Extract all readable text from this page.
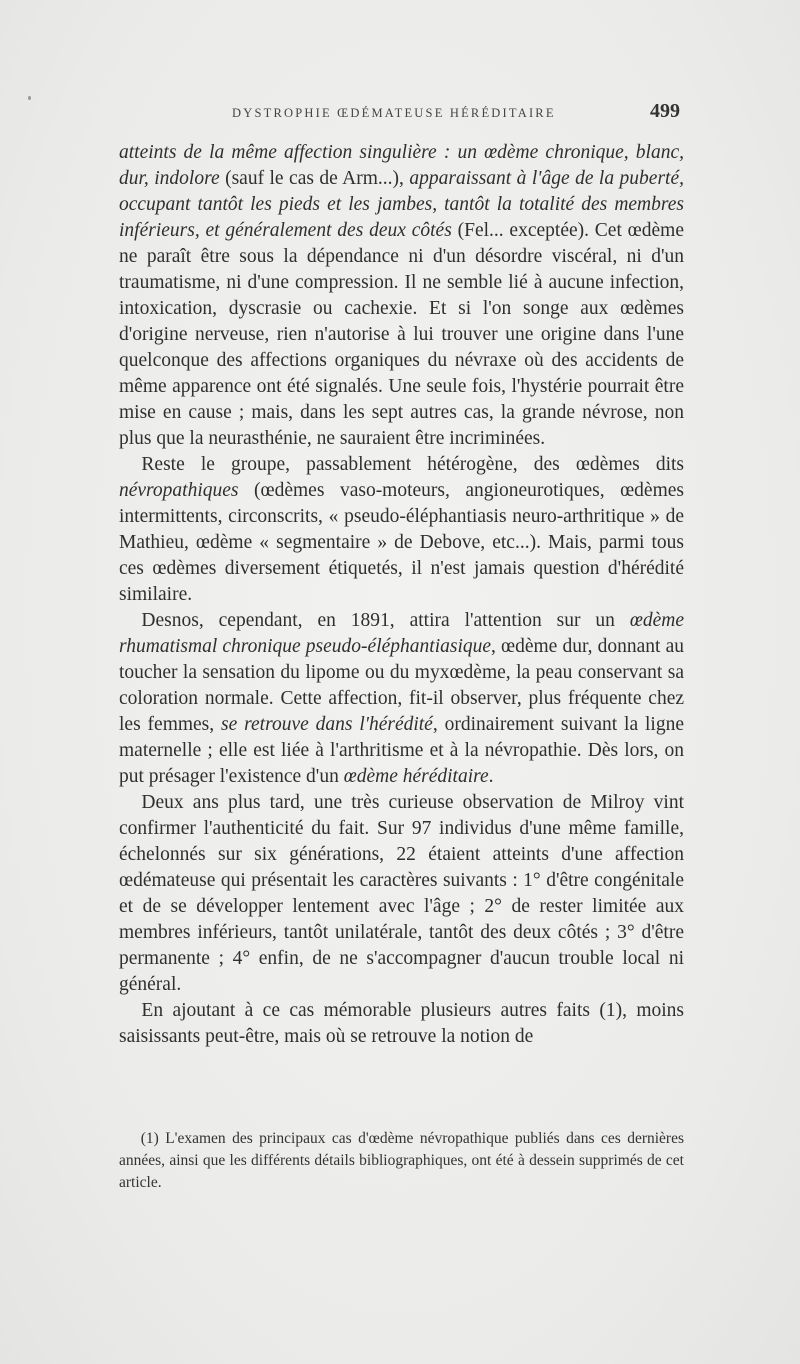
DYSTROPHIE ŒDÉMATEUSE HÉRÉDITAIRE	499

atteints de la même affection singulière : un œdème chronique, blanc, dur, indolore (sauf le cas de Arm...), apparaissant à l'âge de la puberté, occupant tantôt les pieds et les jambes, tantôt la totalité des membres inférieurs, et généralement des deux côtés (Fel... exceptée). Cet œdème ne paraît être sous la dépendance ni d'un désordre viscéral, ni d'un traumatisme, ni d'une compression. Il ne semble lié à aucune infection, intoxication, dyscrasie ou cachexie. Et si l'on songe aux œdèmes d'origine nerveuse, rien n'autorise à lui trouver une origine dans l'une quelconque des affections organiques du névraxe où des accidents de même apparence ont été signalés. Une seule fois, l'hystérie pourrait être mise en cause ; mais, dans les sept autres cas, la grande névrose, non plus que la neurasthénie, ne sauraient être incriminées.

Reste le groupe, passablement hétérogène, des œdèmes dits névropathiques (œdèmes vaso-moteurs, angioneurotiques, œdèmes intermittents, circonscrits, « pseudo-éléphantiasis neuro-arthritique » de Mathieu, œdème « segmentaire » de Debove, etc...). Mais, parmi tous ces œdèmes diversement étiquetés, il n'est jamais question d'hérédité similaire.

Desnos, cependant, en 1891, attira l'attention sur un œdème rhumatismal chronique pseudo-éléphantiasique, œdème dur, donnant au toucher la sensation du lipome ou du myxœdème, la peau conservant sa coloration normale. Cette affection, fit-il observer, plus fréquente chez les femmes, se retrouve dans l'hérédité, ordinairement suivant la ligne maternelle ; elle est liée à l'arthritisme et à la névropathie. Dès lors, on put présager l'existence d'un œdème héréditaire.

Deux ans plus tard, une très curieuse observation de Milroy vint confirmer l'authenticité du fait. Sur 97 individus d'une même famille, échelonnés sur six générations, 22 étaient atteints d'une affection œdémateuse qui présentait les caractères suivants : 1° d'être congénitale et de se développer lentement avec l'âge ; 2° de rester limitée aux membres inférieurs, tantôt unilatérale, tantôt des deux côtés ; 3° d'être permanente ; 4° enfin, de ne s'accompagner d'aucun trouble local ni général.

En ajoutant à ce cas mémorable plusieurs autres faits (1), moins saisissants peut-être, mais où se retrouve la notion de

(1) L'examen des principaux cas d'œdème névropathique publiés dans ces dernières années, ainsi que les différents détails bibliographiques, ont été à dessein supprimés de cet article.
